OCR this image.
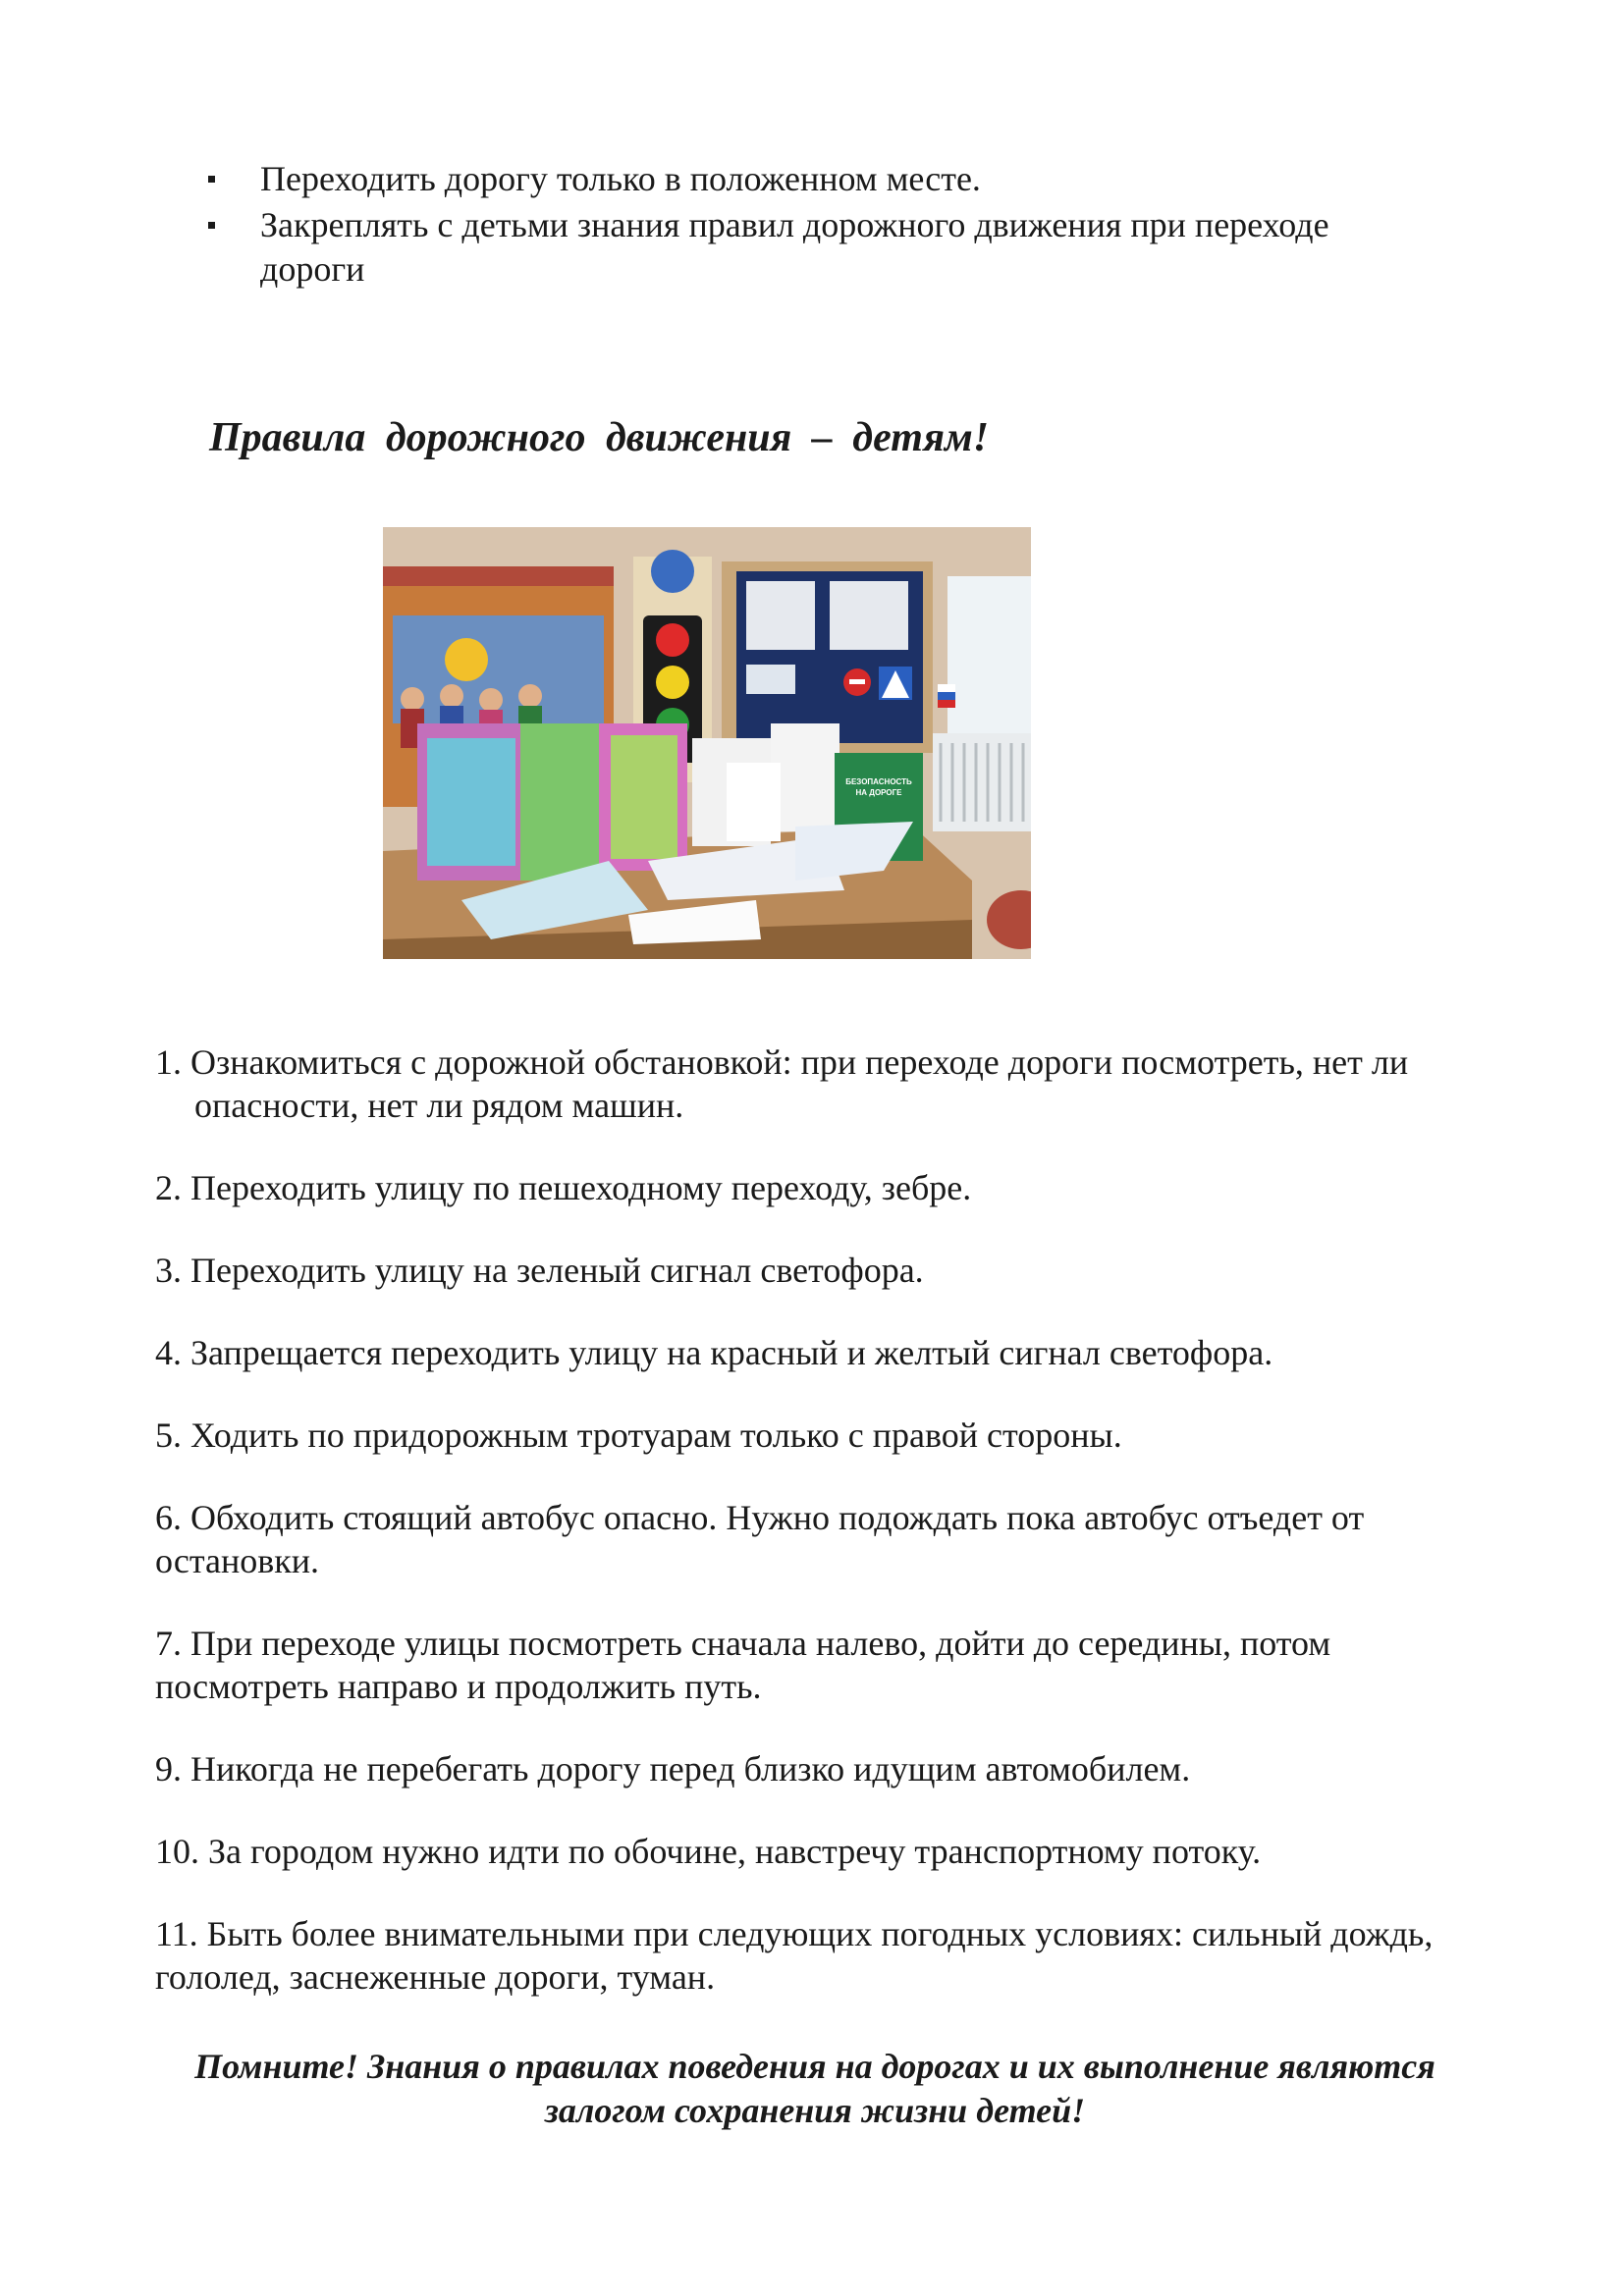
Переходить дорогу только в положенном месте.
Закреплять с детьми знания правил дорожного движения при переходе дороги
Правила дорожного движения – детям!
БЕЗОПАСНОСТЬ
НА ДОРОГЕ

1. Ознакомиться с дорожной обстановкой: при переходе дороги посмотреть, нет ли опасности, нет ли рядом машин.

2. Переходить улицу по пешеходному переходу, зебре.

3. Переходить улицу на зеленый сигнал светофора.

4. Запрещается переходить улицу на красный и желтый сигнал светофора.

5. Ходить по придорожным тротуарам только с правой стороны.

6. Обходить стоящий автобус опасно. Нужно подождать пока автобус отъедет от остановки.

7. При переходе улицы посмотреть сначала налево, дойти до середины, потом посмотреть направо и продолжить путь.

9. Никогда не перебегать дорогу перед близко идущим автомобилем.

10. За городом нужно идти по обочине, навстречу транспортному потоку.

11. Быть более внимательными при следующих погодных условиях: сильный дождь, гололед, заснеженные дороги, туман.

Помните! Знания о правилах поведения на дорогах и их выполнение являются залогом сохранения жизни детей!
